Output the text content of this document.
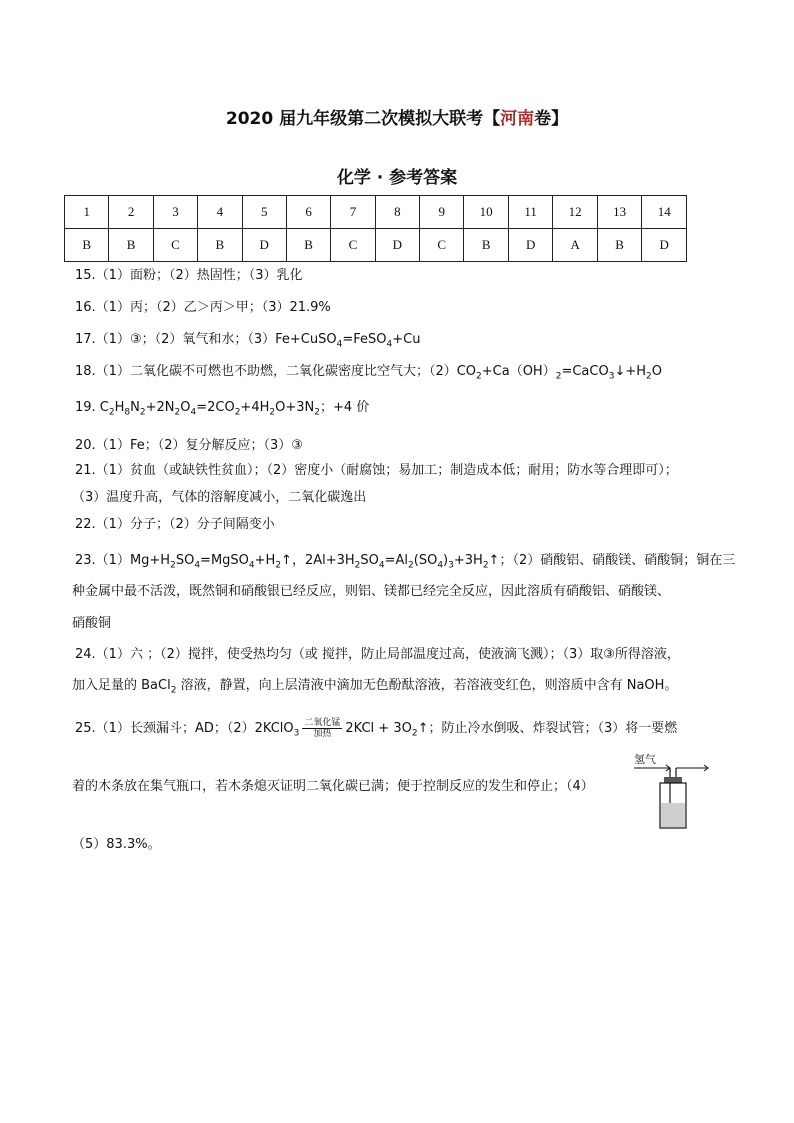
2020 届九年级第二次模拟大联考【河南卷】
化学 · 参考答案
1	2	3	4	5	6	7	8	9	10	11	12	13	14
B	B	C	B	D	B	C	D	C	B	D	A	B	D
15.（1）面粉；（2）热固性；（3）乳化
16.（1）丙；（2）乙＞丙＞甲；（3）21.9%
17.（1）③；（2）氧气和水；（3）Fe+CuSO$_4$=FeSO$_4$+Cu
18.（1）二氧化碳不可燃也不助燃，二氧化碳密度比空气大；$(2)CO_2+Ca(OH)_2=CaCO_3↓+H_2O$
19. $C_2H_8N_2+2N_2O_4=2CO_2+4H_2O+3N_2$；+4 价
20.（1）Fe；（2）复分解反应；（3）③
21.（1）贫血（或缺铁性贫血）；（2）密度小（耐腐蚀；易加工；制造成本低；耐用；防水等合理即可）；
（3）温度升高，气体的溶解度减小，二氧化碳逸出
22.（1）分子；（2）分子间隔变小
$23.(1)Mg+H_2SO_4=MgSO_4+H_2↑$，$2Al+3H_2SO_4=Al_2(SO_4)_3+3H_2↑$；（2）硝酸铝、硝酸镁、硝酸铜；铜在三
种金属中最不活泼，既然铜和硝酸银已经反应，则铝、镁都已经完全反应，因此溶质有硝酸铝、硝酸镁、
硝酸铜
24.（1）六 ；（2）搅拌，使受热均匀（或 搅拌，防止局部温度过高，使液滴飞溅）；（3）取③所得溶液，
加入足量的 BaCl$_2$ 溶液，静置，向上层清液中滴加无色酚酞溶液，若溶液变红色，则溶质中含有 NaOH。
25.（1）长颈漏斗；AD；（2）2KClO$_3$ $\frac{\text{二氧化锰}}{\text{加热}} 2KCl$ + $3O_2↑$；防止冷水倒吸、炸裂试管；（3）将一要燃
着的木条放在集气瓶口，若木条熄灭证明二氧化碳已满；便于控制反应的发生和停止；（4）
氢气
（5）83.3%。
